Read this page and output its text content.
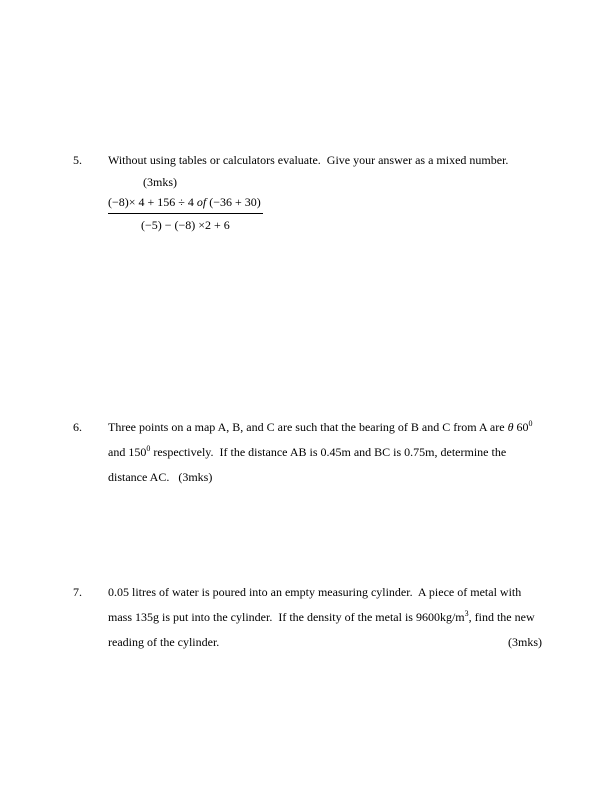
5.	Without using tables or calculators evaluate.  Give your answer as a mixed number.
(3mks)
$\frac{(-8)\times 4 + 156 \div 4 of (-36 + 30)}{(-5) - (-8) \times 2 + 6}$
6.	Three points on a map A, B, and C are such that the bearing of B and C from A are θ $60^0$
and $150^0$ respectively.  If the distance AB is 0.45m and BC is 0.75m, determine the
distance AC.   (3mks)
7.	0.05 litres of water is poured into an empty measuring cylinder.  A piece of metal with
mass 135g is put into the cylinder.  If the density of the metal is $9600kg/m^3$, find the new
reading of the cylinder.	(3mks)
